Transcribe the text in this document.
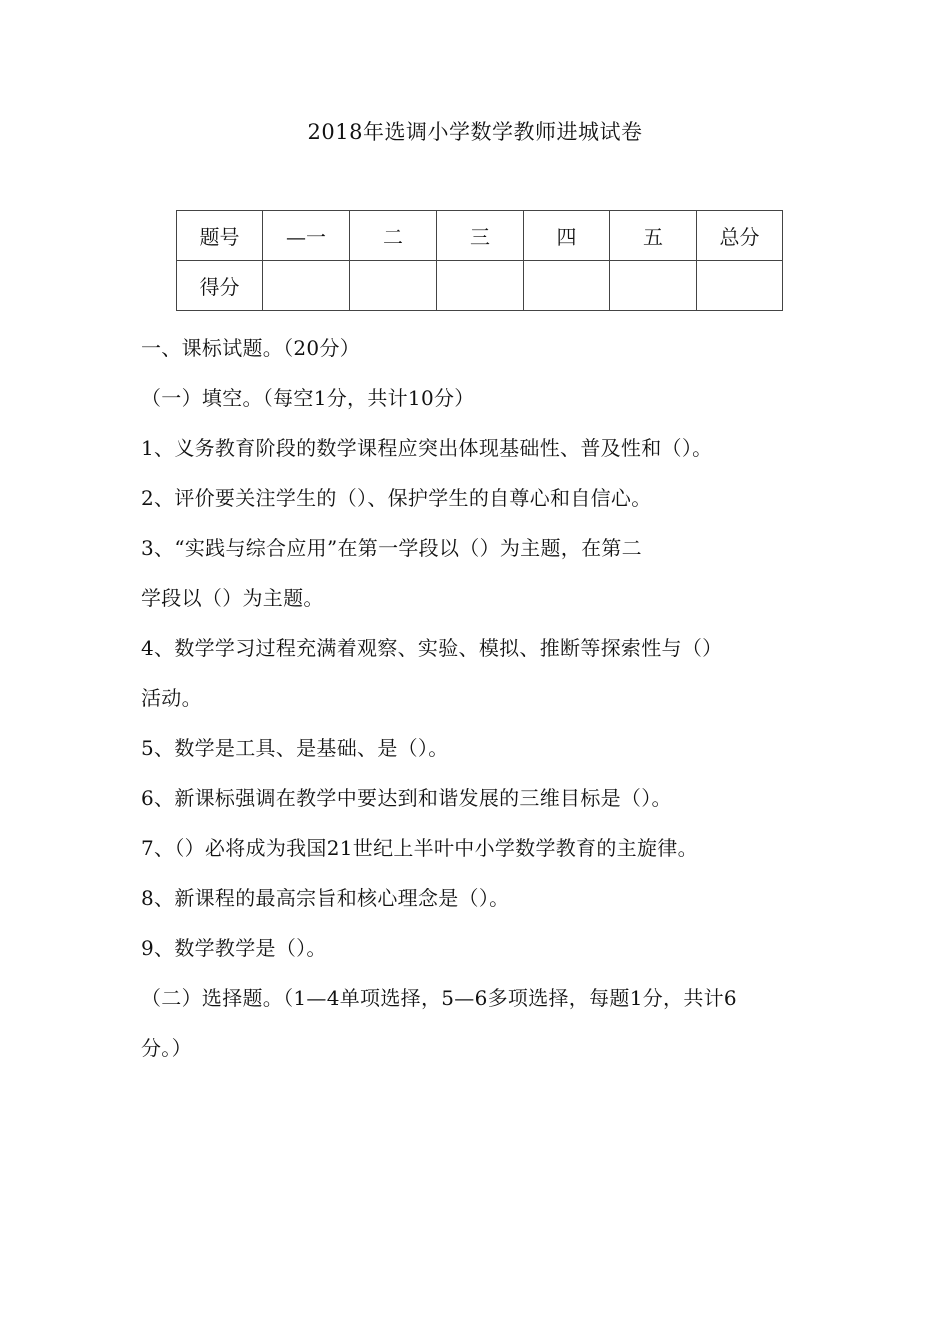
2018年选调小学数学教师进城试卷
题号	—一	二	三	四	五	总分
得分						
一、课标试题。（20分）
（一）填空。（每空1分，共计10分）
1、义务教育阶段的数学课程应突出体现基础性、普及性和（）。
2、评价要关注学生的（）、保护学生的自尊心和自信心。
3、“实践与综合应用”在第一学段以（）为主题，在第二
学段以（）为主题。
4、数学学习过程充满着观察、实验、模拟、推断等探索性与（）
活动。
5、数学是工具、是基础、是（）。
6、新课标强调在教学中要达到和谐发展的三维目标是（）。
7、（）必将成为我国21世纪上半叶中小学数学教育的主旋律。
8、新课程的最高宗旨和核心理念是（）。
9、数学教学是（）。
（二）选择题。（1—4单项选择，5—6多项选择，每题1分，共计6
分。）
